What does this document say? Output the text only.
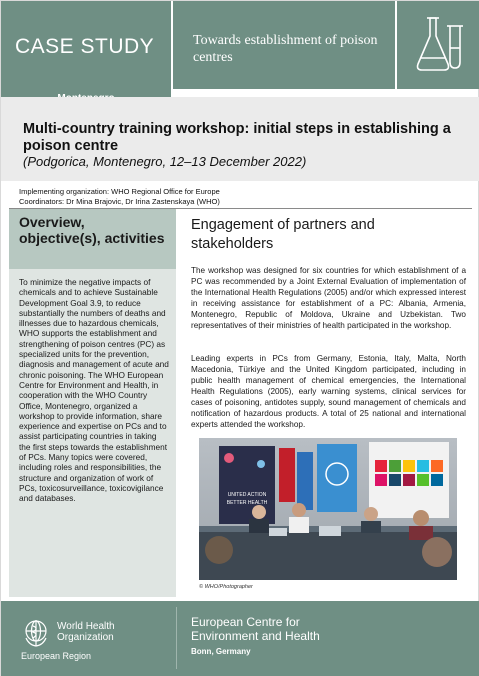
CASE STUDY	Towards establishment of poison centres
Multi-country training workshop: initial steps in establishing a poison centre
(Podgorica, Montenegro, 12–13 December 2022)
Implementing organization: WHO Regional Office for Europe
Coordinators: Dr Mina Brajovic, Dr Irina Zastenskaya (WHO)
Overview, objective(s), activities
To minimize the negative impacts of chemicals and to achieve Sustainable Development Goal 3.9, to reduce substantially the numbers of deaths and illnesses due to hazardous chemicals, WHO supports the establishment and strengthening of poison centres (PC) as specialized units for the prevention, diagnosis and management of acute and chronic poisoning. The WHO European Centre for Environment and Health, in cooperation with the WHO Country Office, Montenegro, organized a workshop to provide information, share experience and expertise on PCs and to assist participating countries in taking the first steps towards the establishment of PCs. Many topics were covered, including roles and responsibilities, the structure and organization of work of PCs, toxicosurveillance, toxicovigilance and databases.
Engagement of partners and stakeholders
The workshop was designed for six countries for which establishment of a PC was recommended by a Joint External Evaluation of implementation of the International Health Regulations (2005) and/or which expressed interest in receiving assistance for establishment of a PC: Albania, Armenia, Montenegro, Republic of Moldova, Ukraine and Uzbekistan. Two representatives of their ministries of health participated in the workshop.
Leading experts in PCs from Germany, Estonia, Italy, Malta, North Macedonia, Türkiye and the United Kingdom participated, including in public health management of chemical emergencies, the International Health Regulations (2005), early warning systems, clinical services for cases of poisoning, antidotes supply, sound management of chemicals and notification of hazardous products. A total of 25 national and international experts attended the workshop.
UNITED ACTION
BETTER HEALTH
© WHO/Photographer
World Health Organization
European Region
European Centre for Environment and Health
Bonn, Germany
